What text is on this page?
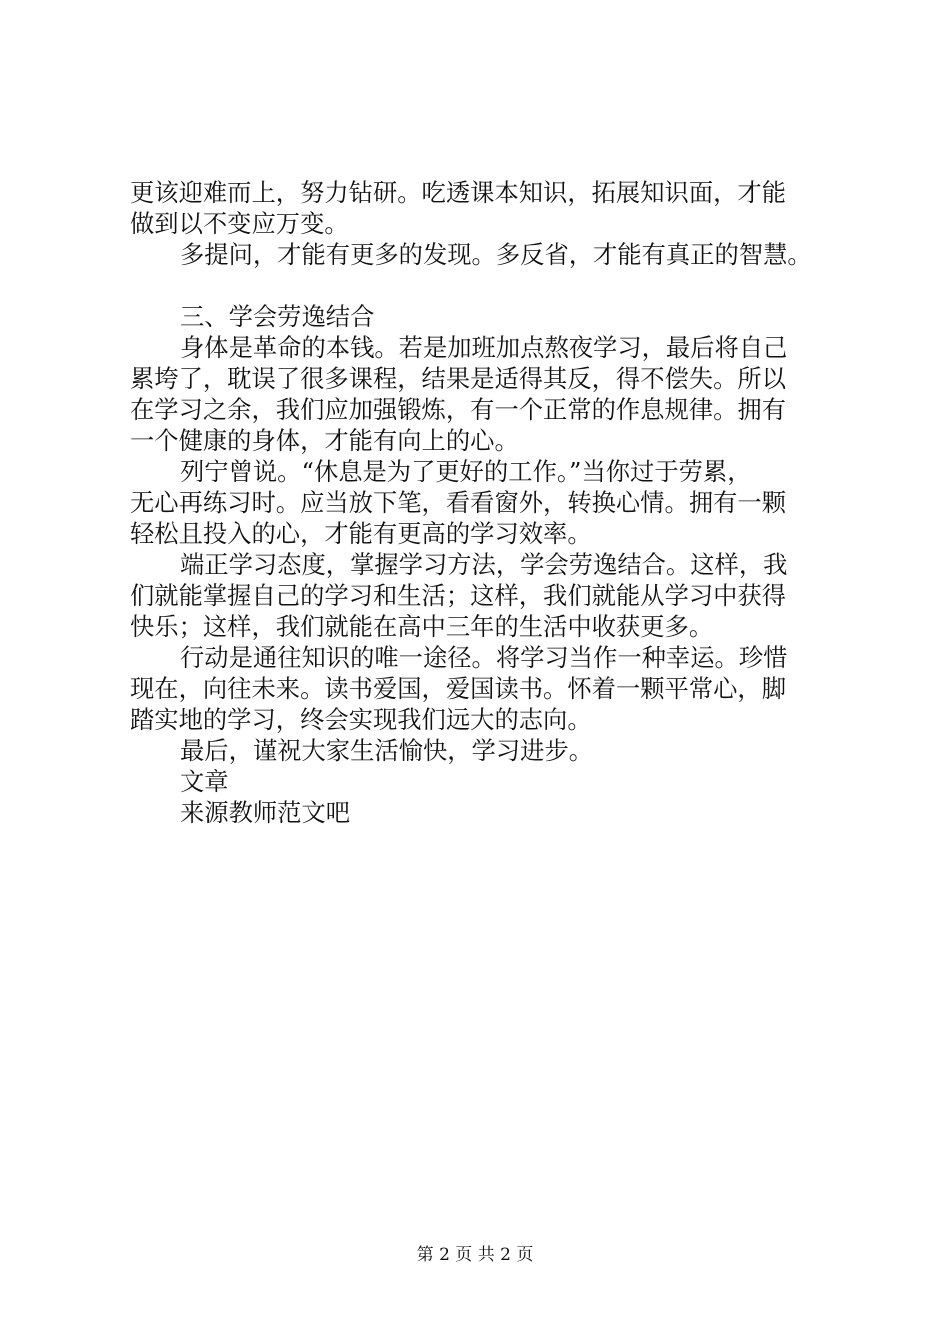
更该迎难而上，努力钻研。吃透课本知识，拓展知识面，才能
做到以不变应万变。

多提问，才能有更多的发现。多反省，才能有真正的智慧。

三、学会劳逸结合

身体是革命的本钱。若是加班加点熬夜学习，最后将自己
累垮了，耽误了很多课程，结果是适得其反，得不偿失。所以
在学习之余，我们应加强锻炼，有一个正常的作息规律。拥有
一个健康的身体，才能有向上的心。

列宁曾说。“休息是为了更好的工作。”当你过于劳累，
无心再练习时。应当放下笔，看看窗外，转换心情。拥有一颗
轻松且投入的心，才能有更高的学习效率。

端正学习态度，掌握学习方法，学会劳逸结合。这样，我
们就能掌握自己的学习和生活；这样，我们就能从学习中获得
快乐；这样，我们就能在高中三年的生活中收获更多。

行动是通往知识的唯一途径。将学习当作一种幸运。珍惜
现在，向往未来。读书爱国，爱国读书。怀着一颗平常心，脚
踏实地的学习，终会实现我们远大的志向。

最后，谨祝大家生活愉快，学习进步。

文章
来源教师范文吧

第 2 页 共 2 页
